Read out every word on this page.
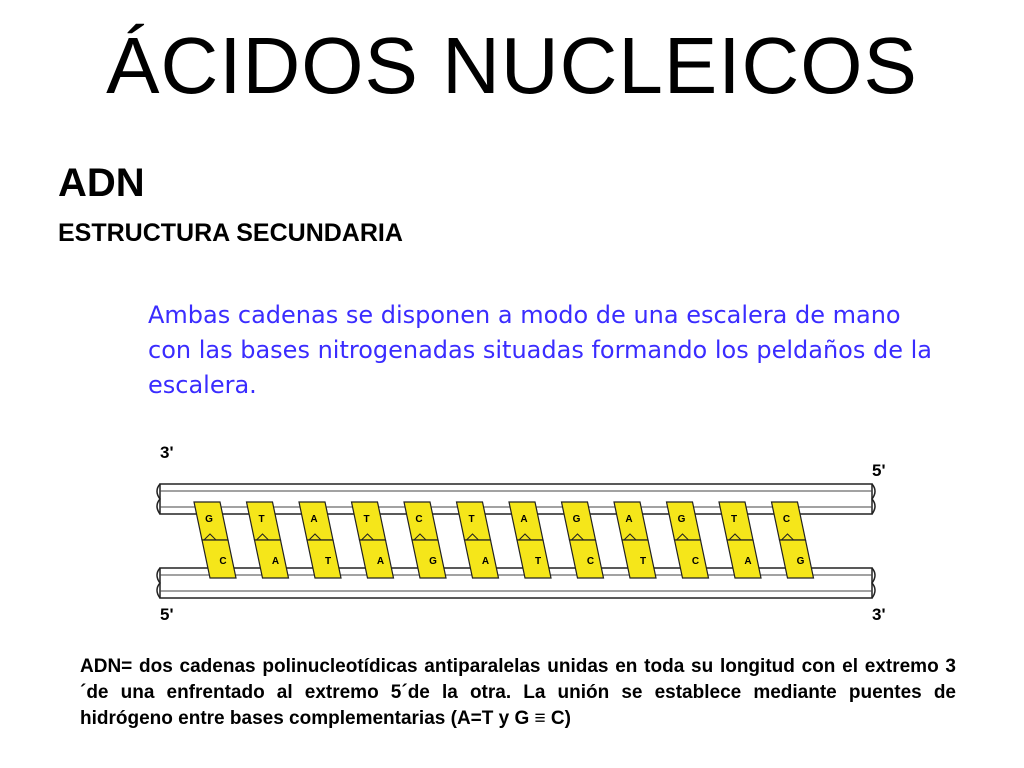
ÁCIDOS NUCLEICOS
ADN
ESTRUCTURA SECUNDARIA
Ambas cadenas se disponen a modo de una escalera de mano con las bases nitrogenadas situadas formando los peldaños de la escalera.
3'
5'
5'	3'
G
C
T
A
A
T
T
A
C
G
T
A
A
T
G
C
A
T
G
C
T
A
C
G
ADN= dos cadenas polinucleotídicas antiparalelas unidas en toda su longitud con el extremo 3´de una enfrentado al extremo 5´de la otra. La unión se establece mediante puentes de hidrógeno entre bases complementarias (A=T y G ≡ C)
